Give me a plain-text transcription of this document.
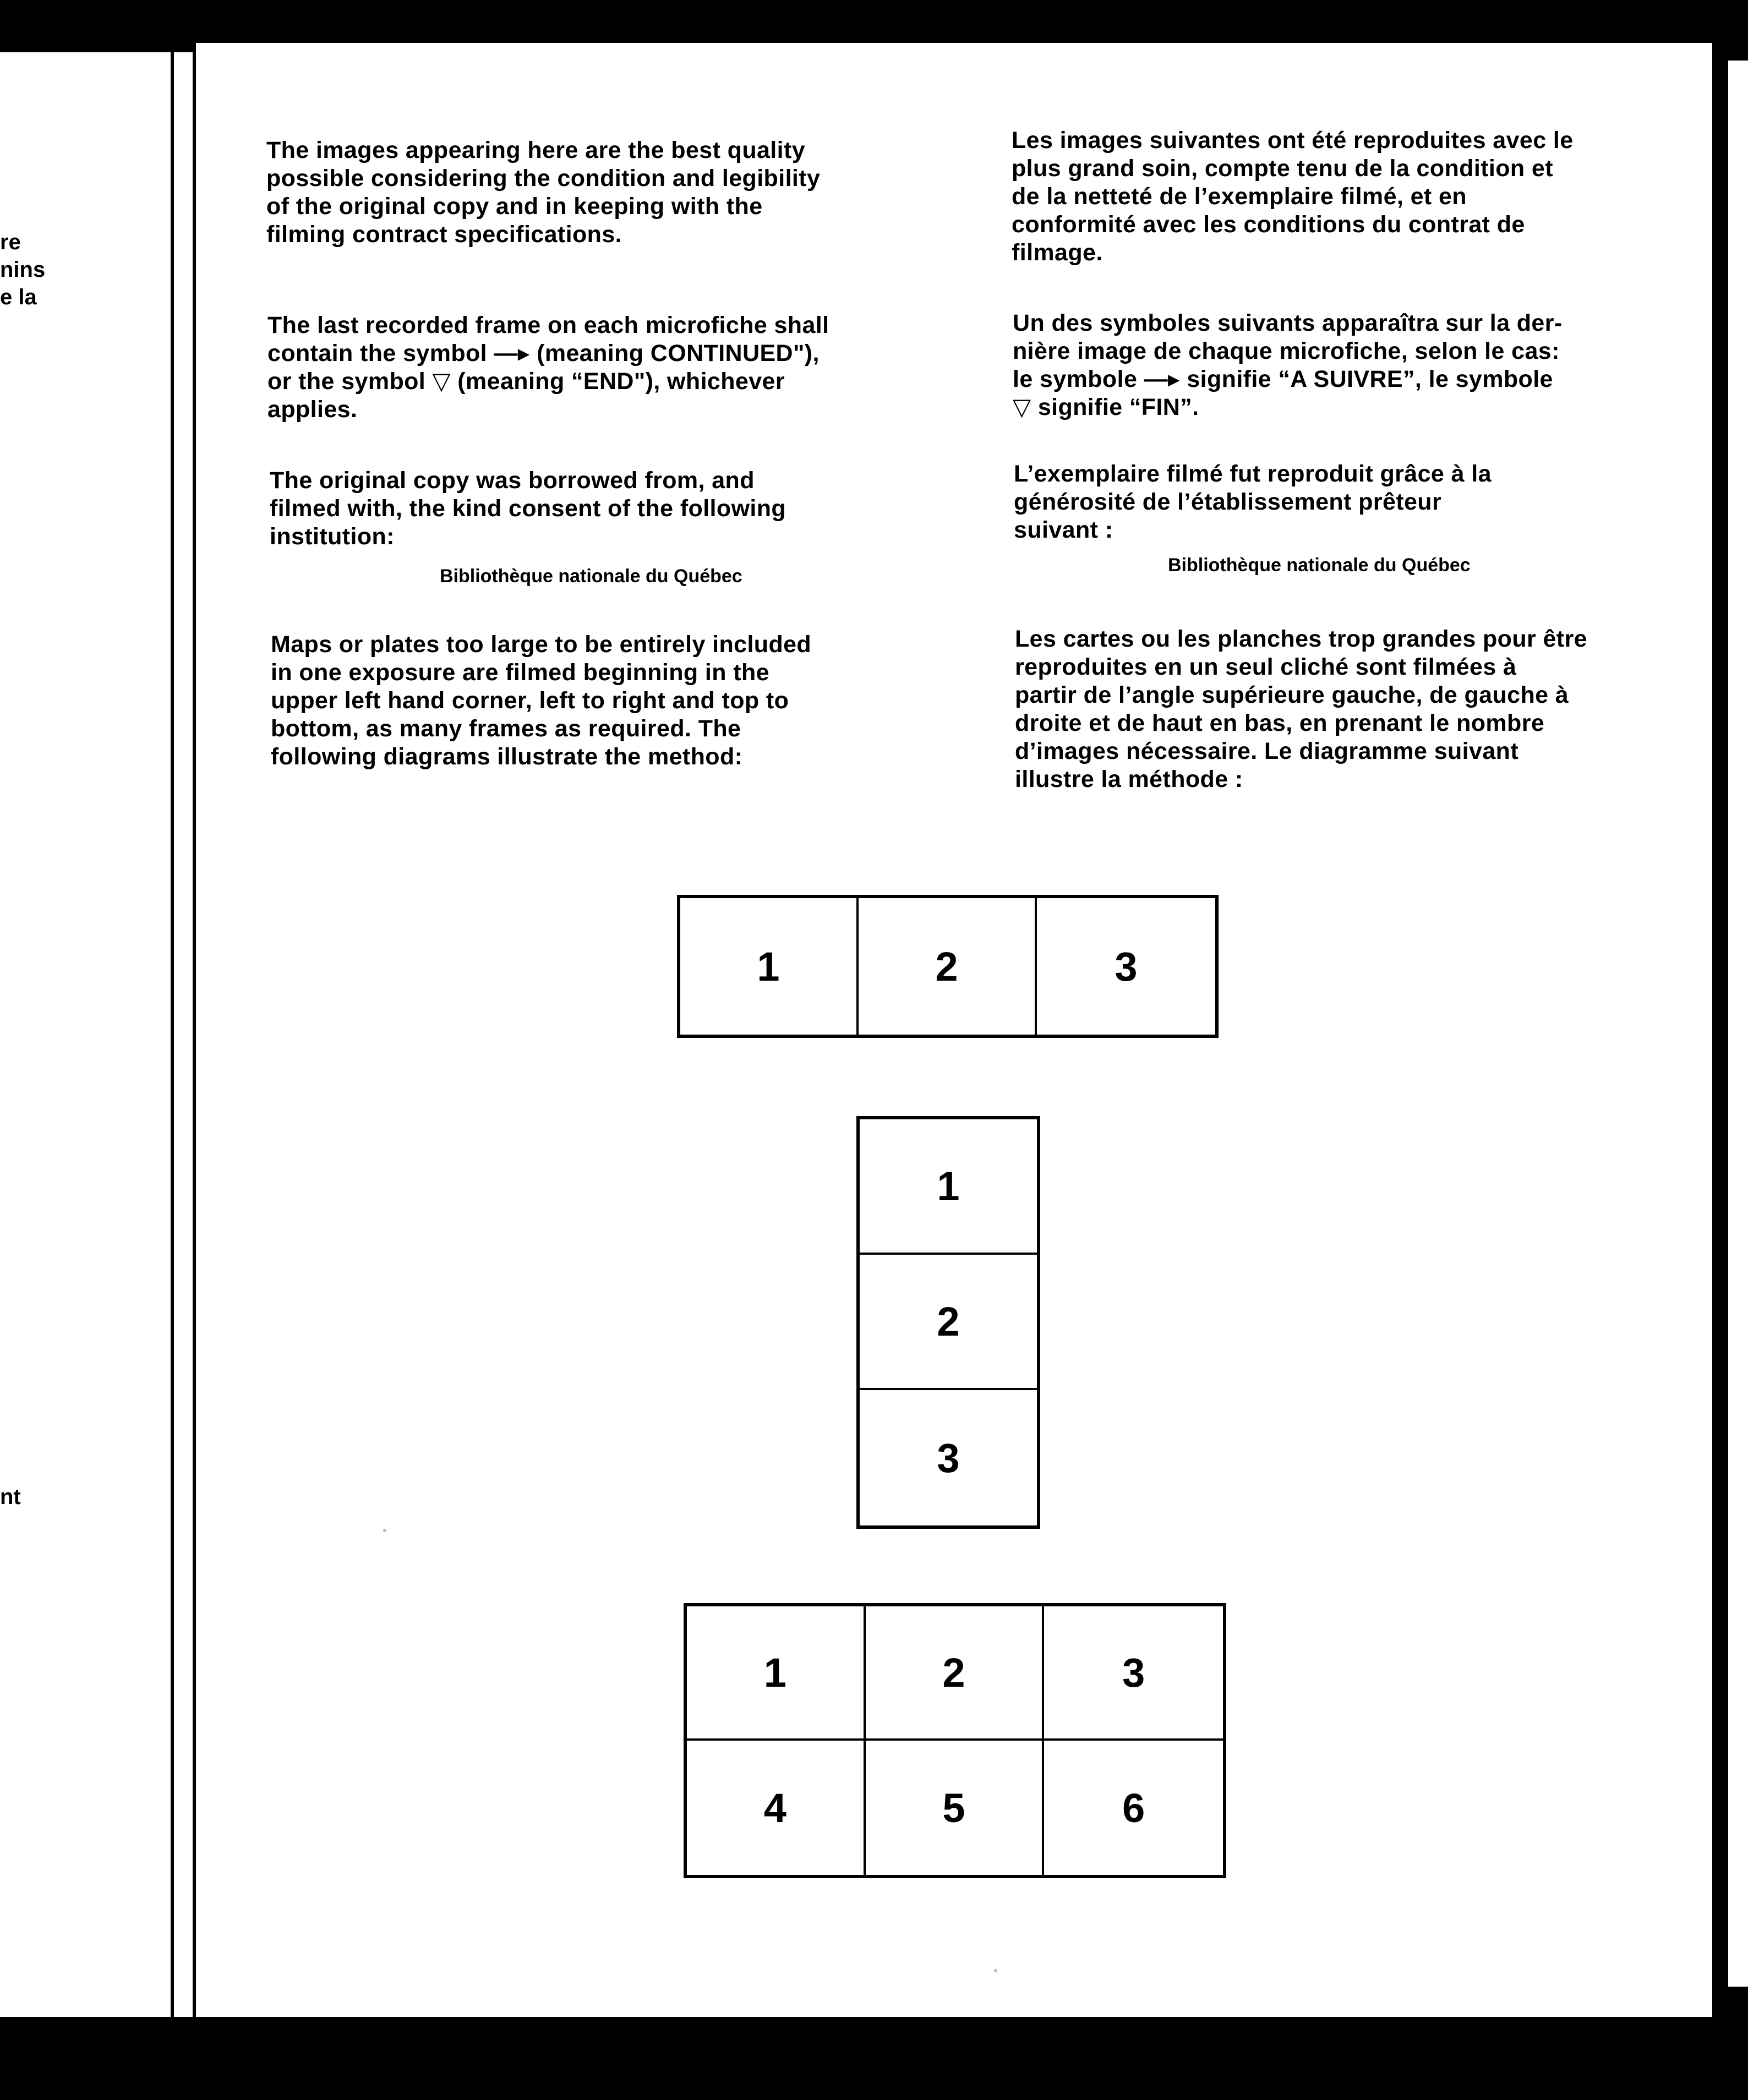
re
nins
e la
nt

The images appearing here are the best quality
possible considering the condition and legibility
of the original copy and in keeping with the
filming contract specifications.

The last recorded frame on each microfiche shall
contain the symbol —▸ (meaning CONTINUED"),
or the symbol ▽ (meaning “END"), whichever
applies.

The original copy was borrowed from, and
filmed with, the kind consent of the following
institution:

Bibliothèque nationale du Québec

Maps or plates too large to be entirely included
in one exposure are filmed beginning in the
upper left hand corner, left to right and top to
bottom, as many frames as required. The
following diagrams illustrate the method:

Les images suivantes ont été reproduites avec le
plus grand soin, compte tenu de la condition et
de la netteté de l’exemplaire filmé, et en
conformité avec les conditions du contrat de
filmage.

Un des symboles suivants apparaîtra sur la der-
nière image de chaque microfiche, selon le cas:
le symbole —▸ signifie “A SUIVRE”, le symbole
▽ signifie “FIN”.

L’exemplaire filmé fut reproduit grâce à la
générosité de l’établissement prêteur
suivant :

Bibliothèque nationale du Québec

Les cartes ou les planches trop grandes pour être
reproduites en un seul cliché sont filmées à
partir de l’angle supérieure gauche, de gauche à
droite et de haut en bas, en prenant le nombre
d’images nécessaire. Le diagramme suivant
illustre la méthode :

1	2	3
1
2
3
1	2	3
4	5	6
